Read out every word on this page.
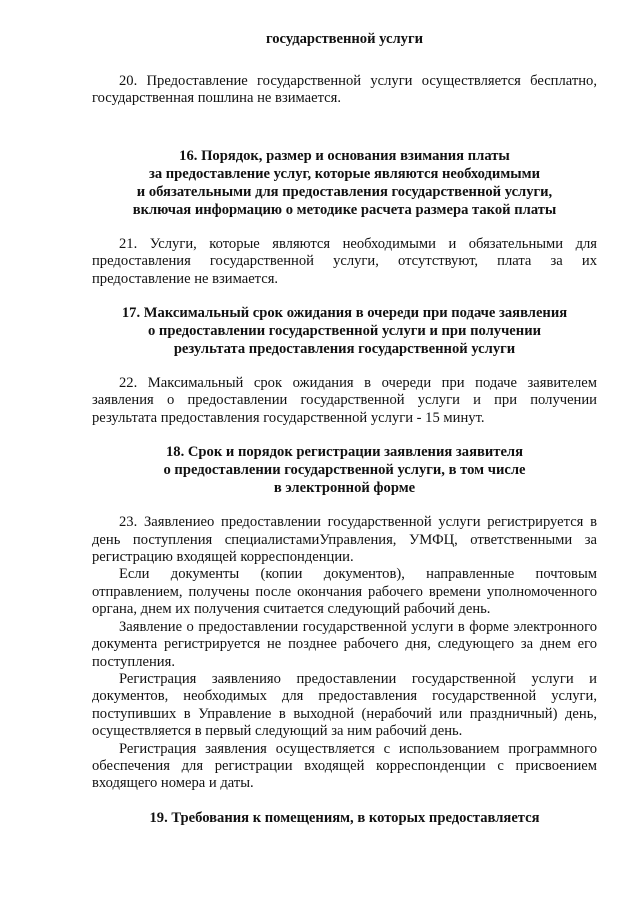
государственной услуги

20. Предоставление государственной услуги осуществляется бесплатно, государственная пошлина не взимается.

16. Порядок, размер и основания взимания платы
за предоставление услуг, которые являются необходимыми
и обязательными для предоставления государственной услуги,
включая информацию о методике расчета размера такой платы

21. Услуги, которые являются необходимыми и обязательными для предоставления государственной услуги, отсутствуют, плата за их предоставление не взимается.

17. Максимальный срок ожидания в очереди при подаче заявления
о предоставлении государственной услуги и при получении
результата предоставления государственной услуги

22. Максимальный срок ожидания в очереди при подаче заявителем заявления о предоставлении государственной услуги и при получении результата предоставления государственной услуги - 15 минут.

18. Срок и порядок регистрации заявления заявителя
о предоставлении государственной услуги, в том числе
в электронной форме

23. Заявлениео предоставлении государственной услуги регистрируется в день поступления специалистамиУправления, УМФЦ, ответственными за регистрацию входящей корреспонденции.

Если документы (копии документов), направленные почтовым отправлением, получены после окончания рабочего времени уполномоченного органа, днем их получения считается следующий рабочий день.

Заявление о предоставлении государственной услуги в форме электронного документа регистрируется не позднее рабочего дня, следующего за днем его поступления.

Регистрация заявленияо предоставлении государственной услуги и документов, необходимых для предоставления государственной услуги, поступивших в Управление в выходной (нерабочий или праздничный) день, осуществляется в первый следующий за ним рабочий день.

Регистрация заявления осуществляется с использованием программного обеспечения для регистрации входящей корреспонденции с присвоением входящего номера и даты.

19. Требования к помещениям, в которых предоставляется
